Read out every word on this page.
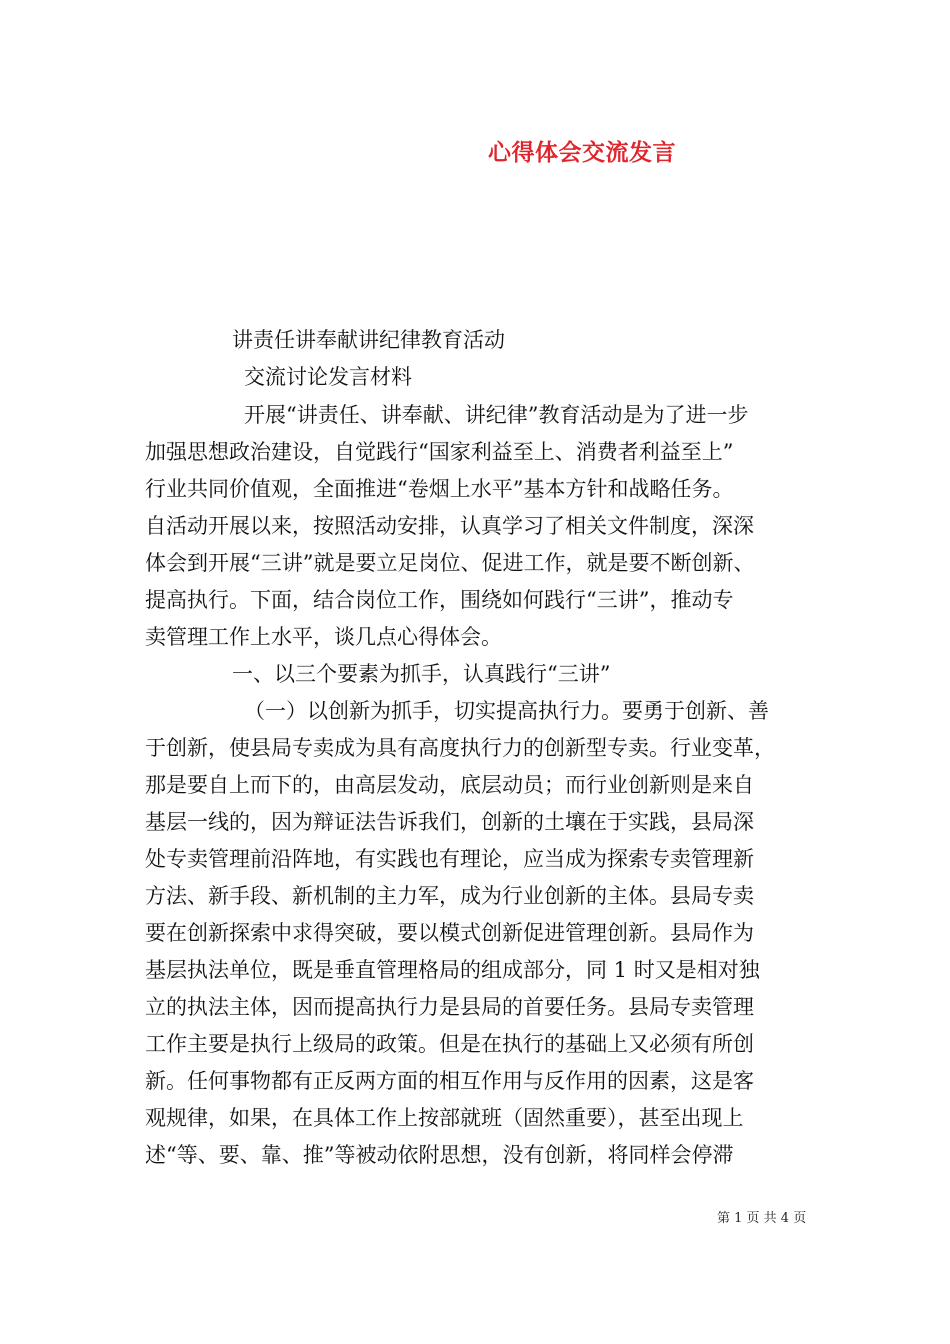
心得体会交流发言
讲责任讲奉献讲纪律教育活动
交流讨论发言材料
开展“讲责任、讲奉献、讲纪律”教育活动是为了进一步
加强思想政治建设，自觉践行“国家利益至上、消费者利益至上”
行业共同价值观，全面推进“卷烟上水平”基本方针和战略任务。
自活动开展以来，按照活动安排，认真学习了相关文件制度，深深
体会到开展“三讲”就是要立足岗位、促进工作，就是要不断创新、
提高执行。下面，结合岗位工作，围绕如何践行“三讲”，推动专
卖管理工作上水平，谈几点心得体会。
一、以三个要素为抓手，认真践行“三讲”
（一）以创新为抓手，切实提高执行力。要勇于创新、善
于创新，使县局专卖成为具有高度执行力的创新型专卖。行业变革，
那是要自上而下的，由高层发动，底层动员；而行业创新则是来自
基层一线的，因为辩证法告诉我们，创新的土壤在于实践，县局深
处专卖管理前沿阵地，有实践也有理论，应当成为探索专卖管理新
方法、新手段、新机制的主力军，成为行业创新的主体。县局专卖
要在创新探索中求得突破，要以模式创新促进管理创新。县局作为
基层执法单位，既是垂直管理格局的组成部分，同 1 时又是相对独
立的执法主体，因而提高执行力是县局的首要任务。县局专卖管理
工作主要是执行上级局的政策。但是在执行的基础上又必须有所创
新。任何事物都有正反两方面的相互作用与反作用的因素，这是客
观规律，如果，在具体工作上按部就班（固然重要），甚至出现上
述“等、要、靠、推”等被动依附思想，没有创新，将同样会停滞
第 1 页 共 4 页
